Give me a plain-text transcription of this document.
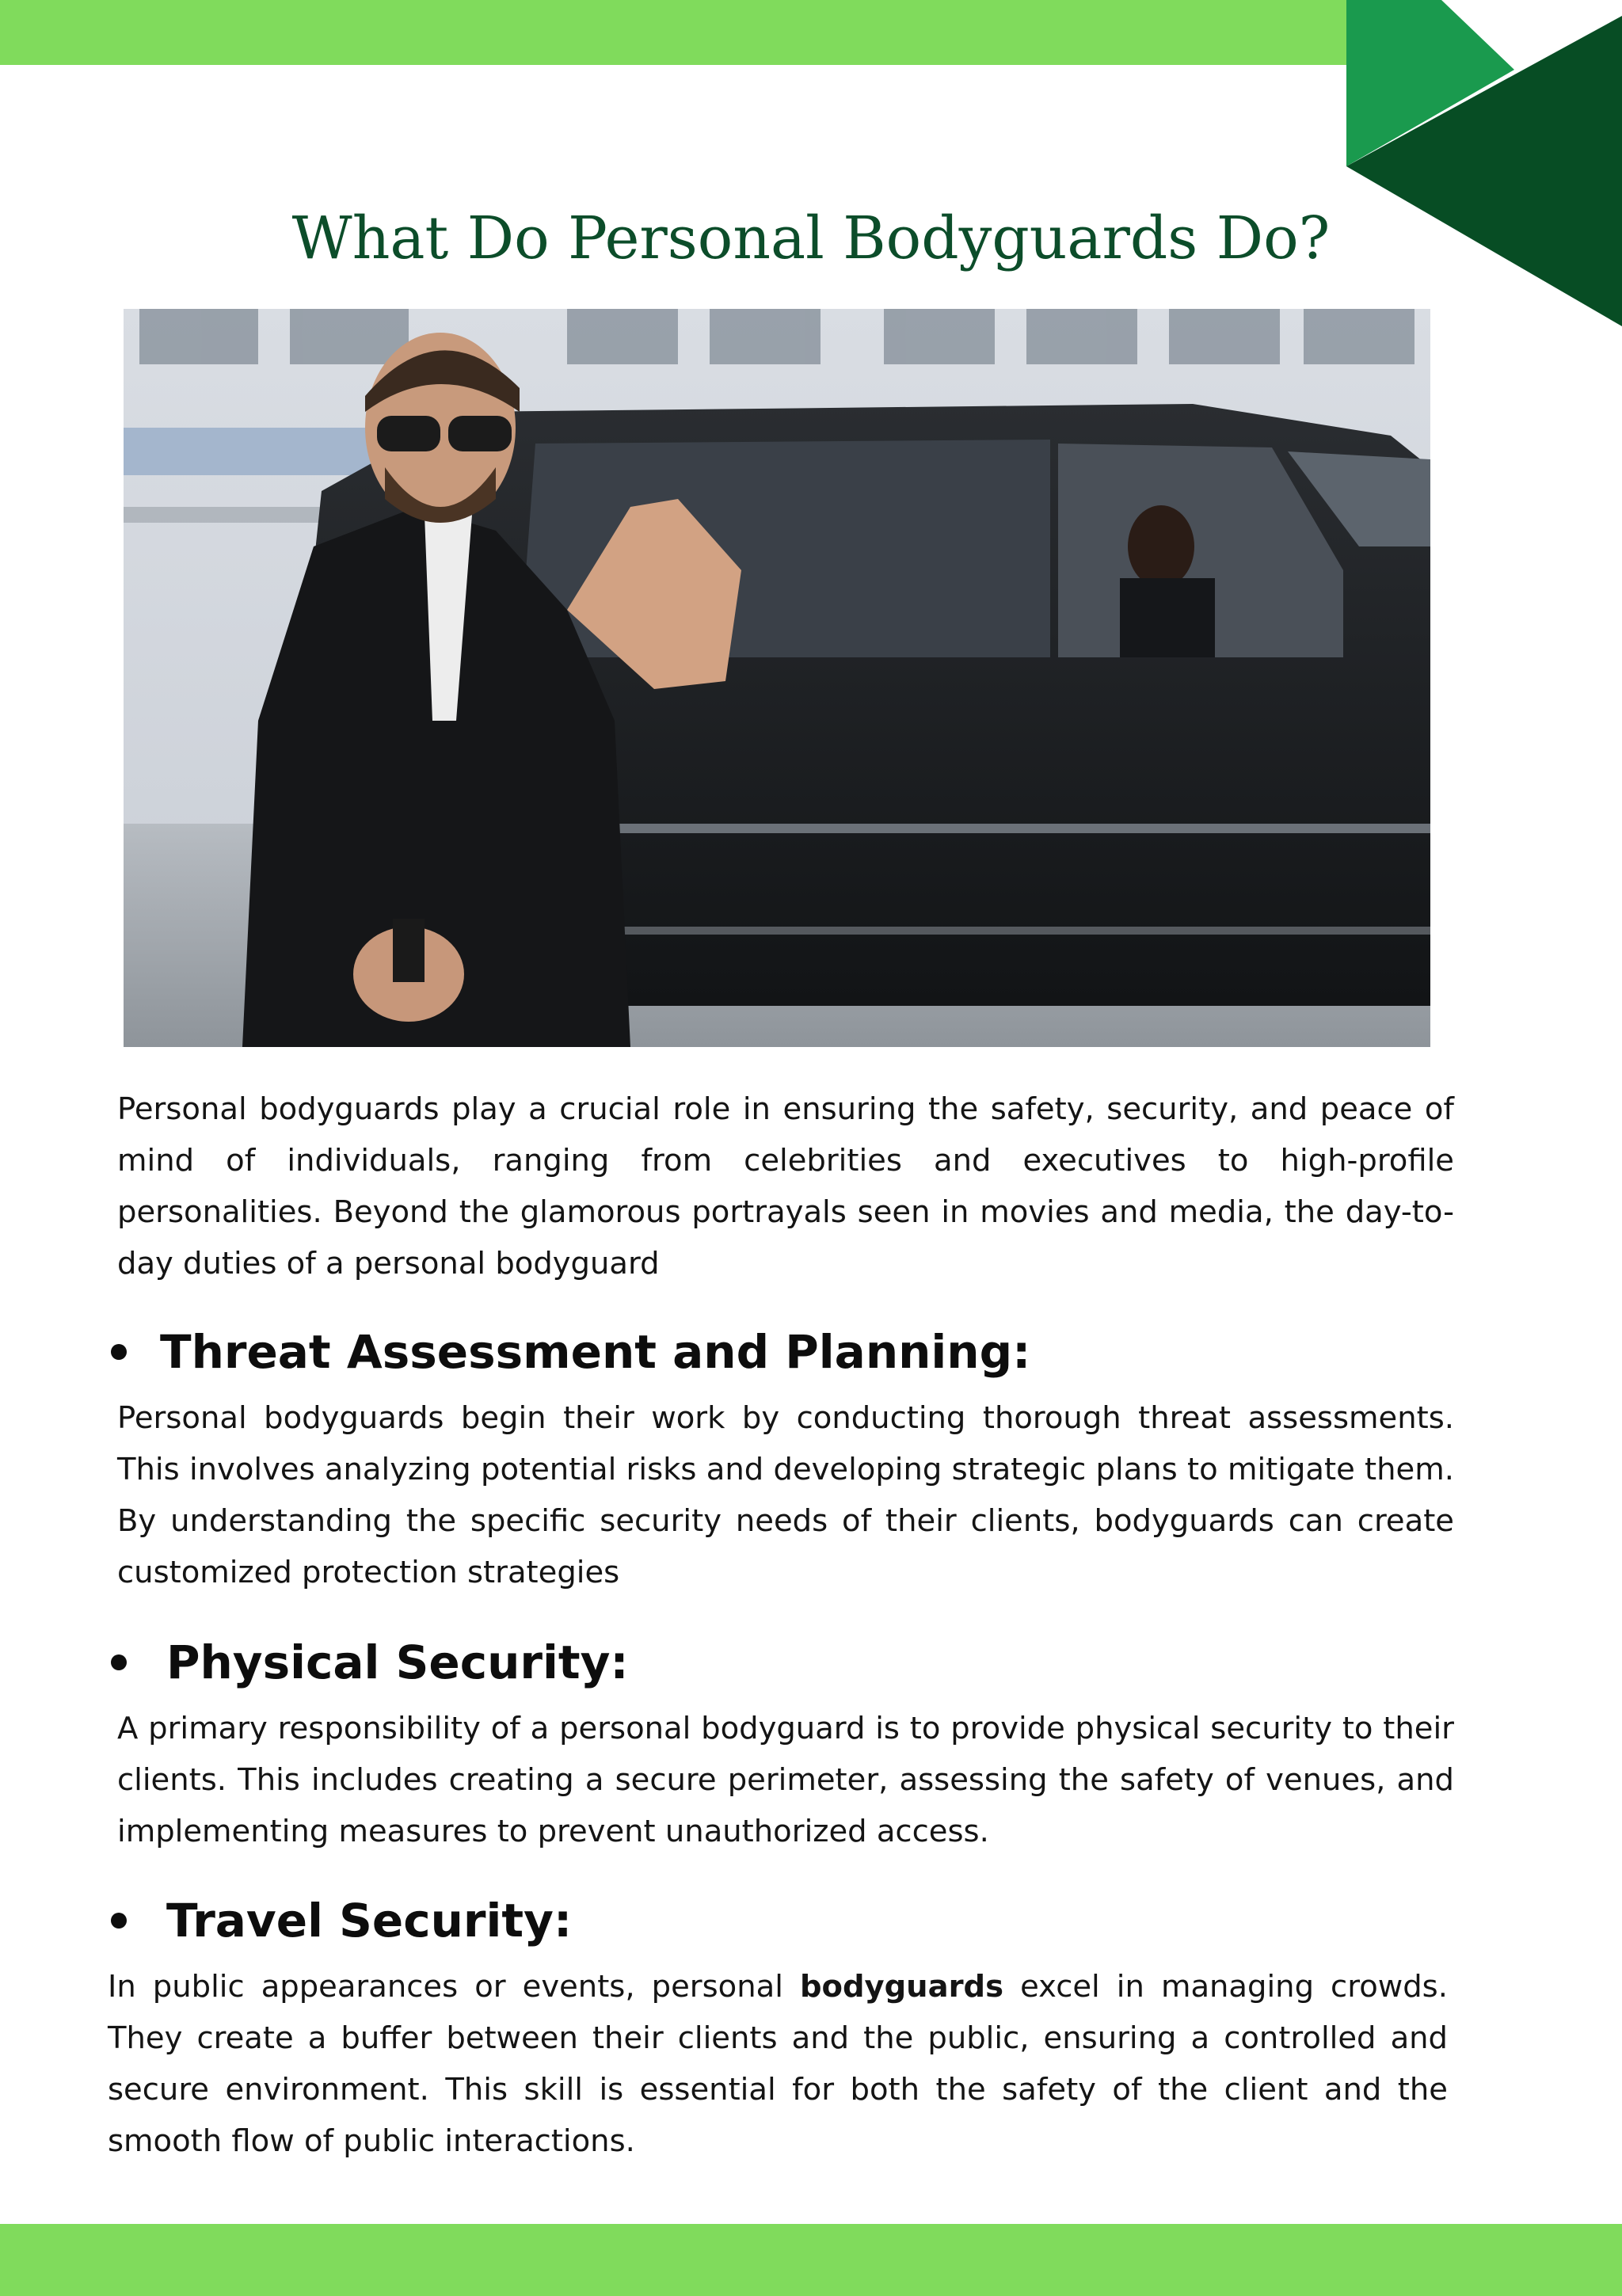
What Do Personal Bodyguards Do?

Personal bodyguards play a crucial role in ensuring the safety, security, and peace of mind of individuals, ranging from celebrities and executives to high-profile personalities. Beyond the glamorous portrayals seen in movies and media, the day-to-day duties of a personal bodyguard

Threat Assessment and Planning:

Personal bodyguards begin their work by conducting thorough threat assessments. This involves analyzing potential risks and developing strategic plans to mitigate them. By understanding the specific security needs of their clients, bodyguards can create customized protection strategies

Physical Security:

A primary responsibility of a personal bodyguard is to provide physical security to their clients. This includes creating a secure perimeter, assessing the safety of venues, and implementing measures to prevent unauthorized access.

Travel Security:

In public appearances or events, personal bodyguards excel in managing crowds. They create a buffer between their clients and the public, ensuring a controlled and secure environment. This skill is essential for both the safety of the client and the smooth flow of public interactions.
